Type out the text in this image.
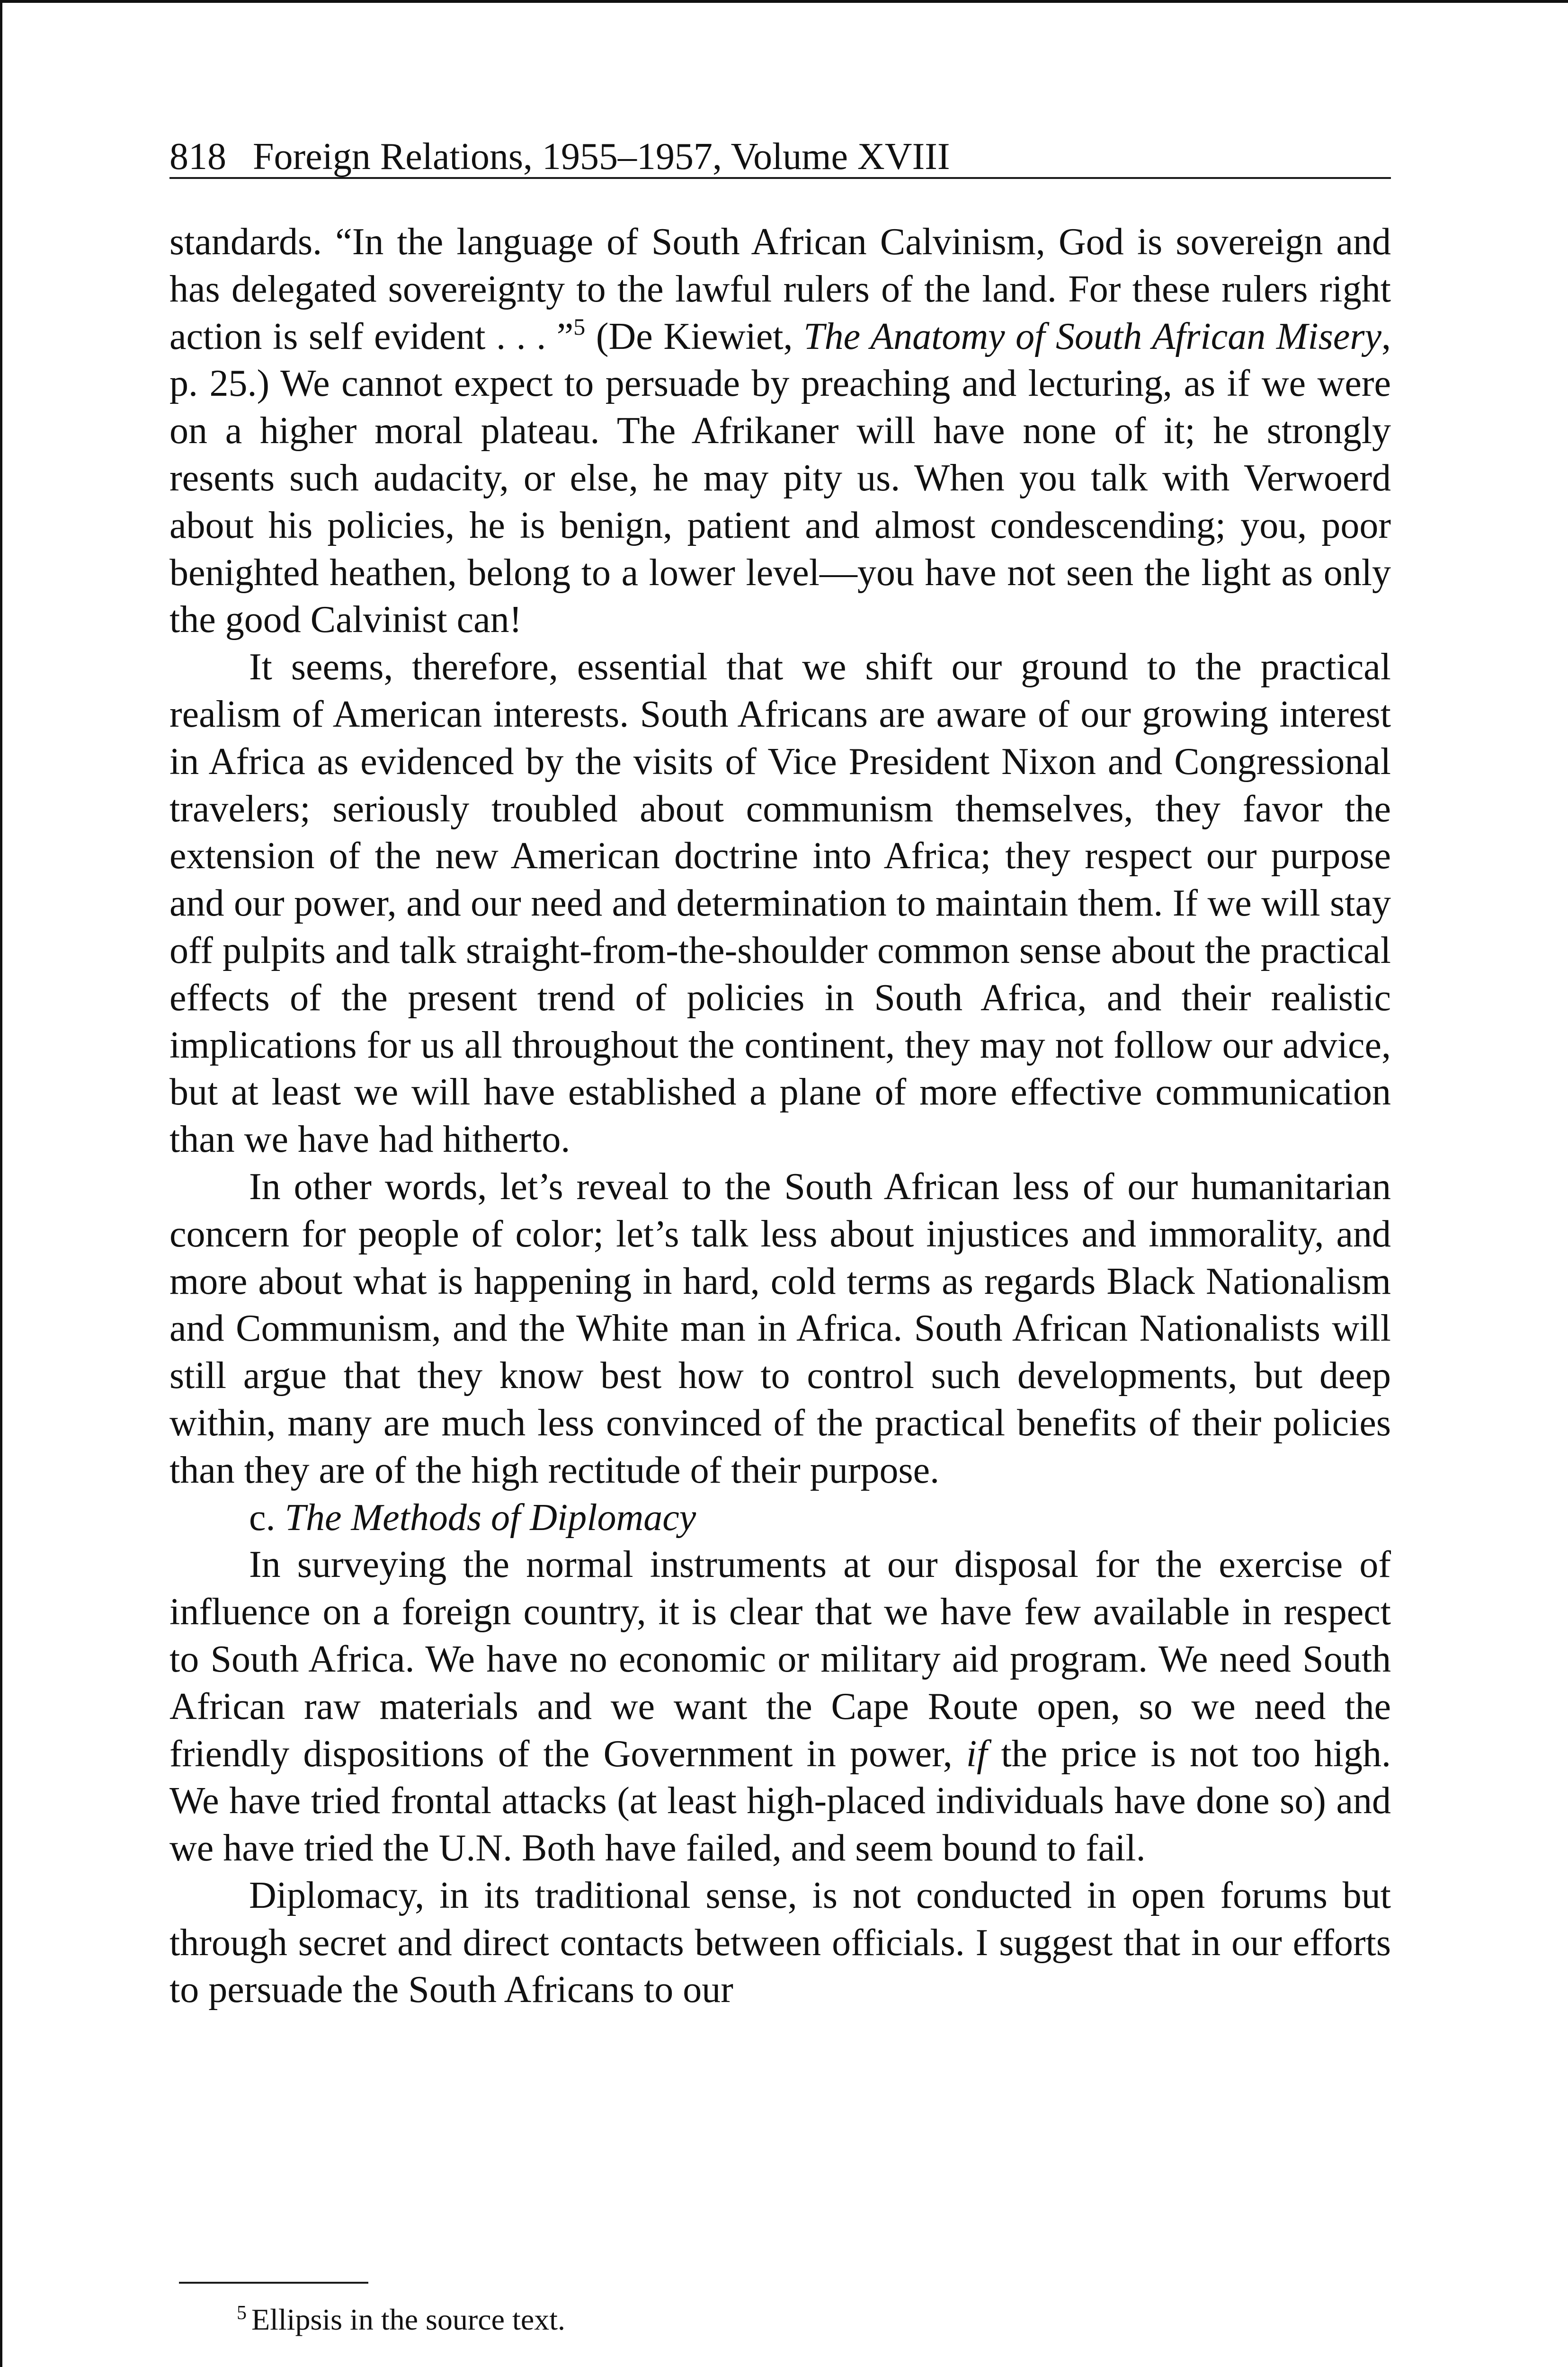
818 Foreign Relations, 1955–1957, Volume XVIII

standards. “In the language of South African Calvinism, God is sovereign and has delegated sovereignty to the lawful rulers of the land. For these rulers right action is self evident . . . ”$^5$ (De Kiewiet, The Anatomy of South African Misery, p. 25.) We cannot expect to persuade by preaching and lecturing, as if we were on a higher moral plateau. The Afrikaner will have none of it; he strongly resents such audacity, or else, he may pity us. When you talk with Verwoerd about his policies, he is benign, patient and almost condescending; you, poor benighted heathen, belong to a lower level—you have not seen the light as only the good Calvinist can!

It seems, therefore, essential that we shift our ground to the practical realism of American interests. South Africans are aware of our growing interest in Africa as evidenced by the visits of Vice President Nixon and Congressional travelers; seriously troubled about communism themselves, they favor the extension of the new American doctrine into Africa; they respect our purpose and our power, and our need and determination to maintain them. If we will stay off pulpits and talk straight-from-the-shoulder common sense about the practical effects of the present trend of policies in South Africa, and their realistic implications for us all throughout the continent, they may not follow our advice, but at least we will have established a plane of more effective communication than we have had hitherto.

In other words, let’s reveal to the South African less of our humanitarian concern for people of color; let’s talk less about injustices and immorality, and more about what is happening in hard, cold terms as regards Black Nationalism and Communism, and the White man in Africa. South African Nationalists will still argue that they know best how to control such developments, but deep within, many are much less convinced of the practical benefits of their policies than they are of the high rectitude of their purpose.

c. The Methods of Diplomacy

In surveying the normal instruments at our disposal for the exercise of influence on a foreign country, it is clear that we have few available in respect to South Africa. We have no economic or military aid program. We need South African raw materials and we want the Cape Route open, so we need the friendly dispositions of the Government in power, if the price is not too high. We have tried frontal attacks (at least high-placed individuals have done so) and we have tried the U.N. Both have failed, and seem bound to fail.

Diplomacy, in its traditional sense, is not conducted in open forums but through secret and direct contacts between officials. I suggest that in our efforts to persuade the South Africans to our

$^5$ Ellipsis in the source text.
